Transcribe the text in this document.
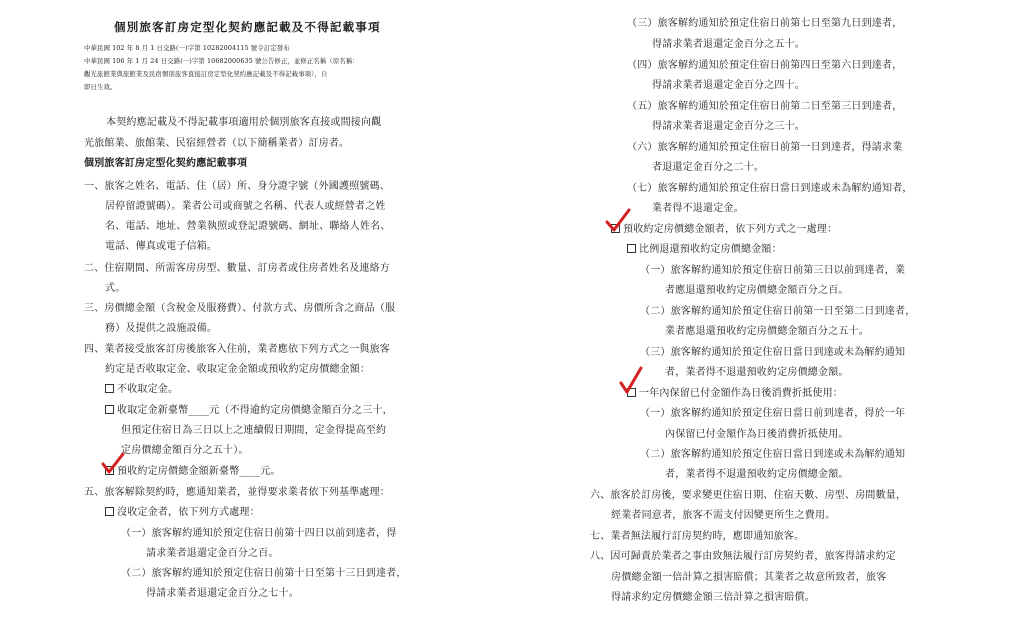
個別旅客訂房定型化契約應記載及不得記載事項
中華民國 102 年 8 月 1 日交路(一)字第 10282004115 號令訂定發布
中華民國 106 年 1 月 24 日交路(一)字第 10682000635 號公告修正，並修正名稱（原名稱：
觀光旅館業與旅館業及民宿個別旅客直接訂房定型化契約應記載及不得記載事項），自
即日生效。
本契約應記載及不得記載事項適用於個別旅客直接或間接向觀
光旅館業、旅館業、民宿經營者（以下簡稱業者）訂房者。
個別旅客訂房定型化契約應記載事項
一、旅客之姓名、電話、住（居）所、身分證字號（外國護照號碼、
居停留證號碼）。業者公司或商號之名稱、代表人或經營者之姓
名、電話、地址、營業執照或登記證號碼、網址、聯絡人姓名、
電話、傳真或電子信箱。
二、住宿期間、所需客房房型、數量、訂房者或住房者姓名及連絡方
式。
三、房價總金額（含稅金及服務費）、付款方式、房價所含之商品（服
務）及提供之設施設備。
四、業者接受旅客訂房後旅客入住前，業者應依下列方式之一與旅客
約定是否收取定金、收取定金金額或預收約定房價總金額：
不收取定金。
收取定金新臺幣____元（不得逾約定房價總金額百分之三十，
但預定住宿日為三日以上之連續假日期間，定金得提高至約
定房價總金額百分之五十）。
預收約定房價總金額新臺幣____元。
五、旅客解除契約時，應通知業者，並得要求業者依下列基準處理：
沒收定金者，依下列方式處理：
（一）旅客解約通知於預定住宿日前第十四日以前到達者，得
請求業者退還定金百分之百。
（二）旅客解約通知於預定住宿日前第十日至第十三日到達者，
得請求業者退還定金百分之七十。
（三）旅客解約通知於預定住宿日前第七日至第九日到達者，
得請求業者退還定金百分之五十。
（四）旅客解約通知於預定住宿日前第四日至第六日到達者，
得請求業者退還定金百分之四十。
（五）旅客解約通知於預定住宿日前第二日至第三日到達者，
得請求業者退還定金百分之三十。
（六）旅客解約通知於預定住宿日前第一日到達者，得請求業
者退還定金百分之二十。
（七）旅客解約通知於預定住宿日當日到達或未為解約通知者，
業者得不退還定金。
預收約定房價總金額者，依下列方式之一處理：
比例退還預收約定房價總金額：
（一）旅客解約通知於預定住宿日前第三日以前到達者，業
者應退還預收約定房價總金額百分之百。
（二）旅客解約通知於預定住宿日前第一日至第二日到達者，
業者應退還預收約定房價總金額百分之五十。
（三）旅客解約通知於預定住宿日當日到達或未為解約通知
者，業者得不退還預收約定房價總金額。
一年內保留已付金額作為日後消費折抵使用：
（一）旅客解約通知於預定住宿日當日前到達者，得於一年
內保留已付金額作為日後消費折抵使用。
（二）旅客解約通知於預定住宿日當日到達或未為解約通知
者，業者得不退還預收約定房價總金額。
六、旅客於訂房後，要求變更住宿日期、住宿天數、房型、房間數量，
經業者同意者，旅客不需支付因變更所生之費用。
七、業者無法履行訂房契約時，應即通知旅客。
八、因可歸責於業者之事由致無法履行訂房契約者，旅客得請求約定
房價總金額一倍計算之損害賠償；其業者之故意所致者，旅客
得請求約定房價總金額三倍計算之損害賠償。
